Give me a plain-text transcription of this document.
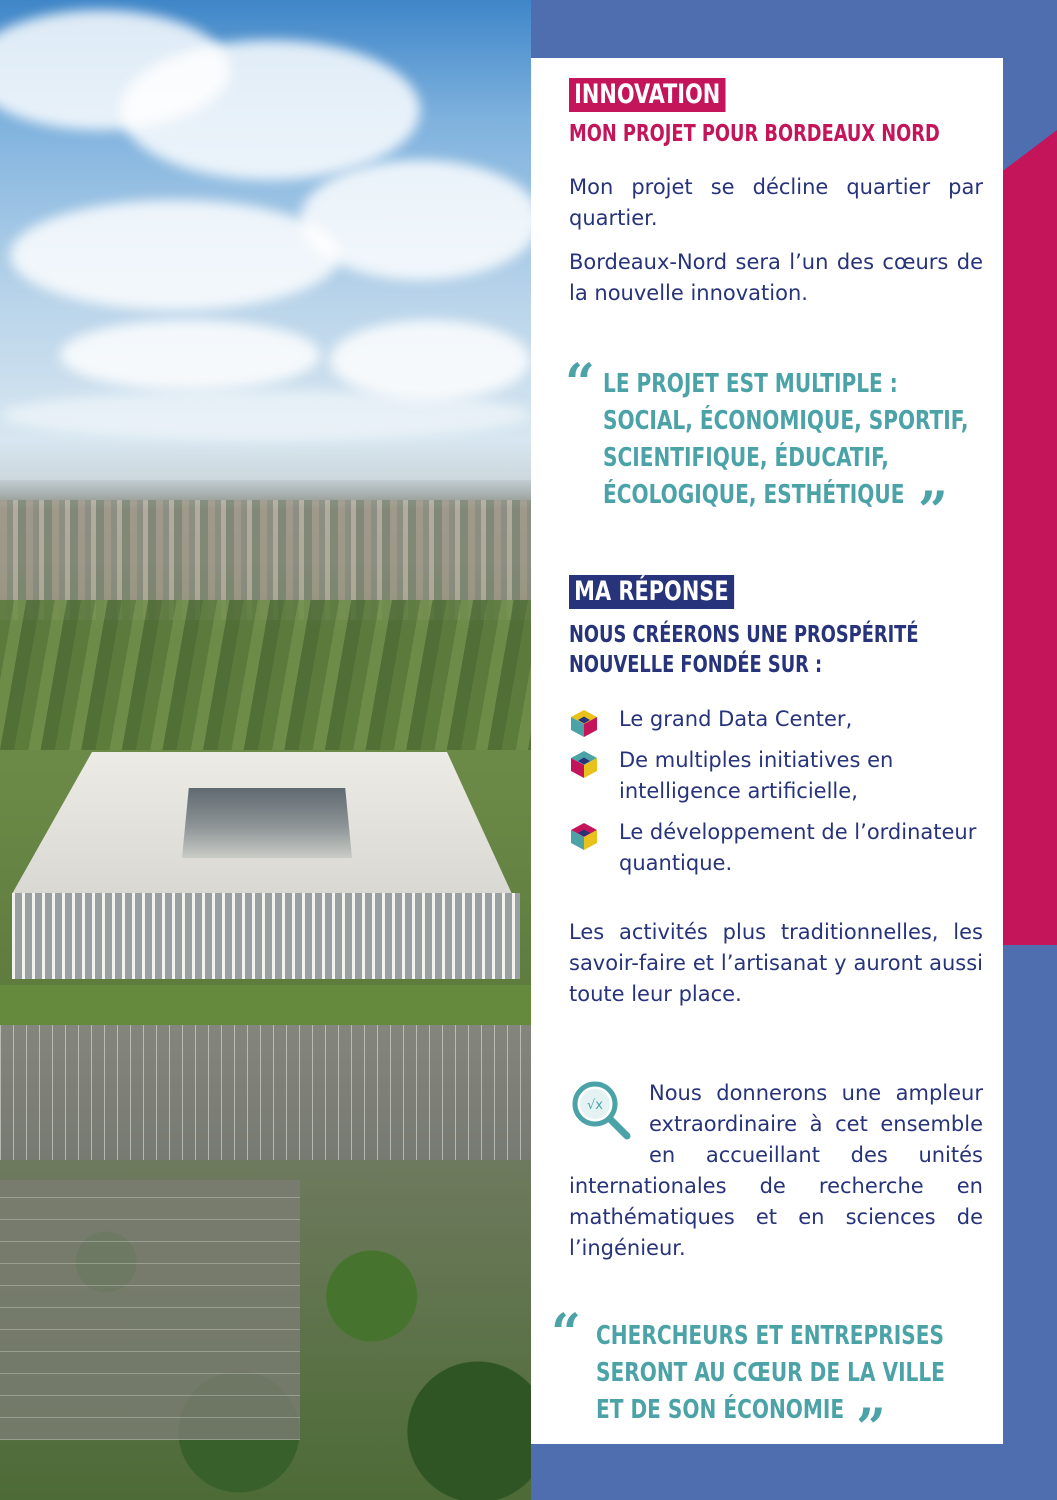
INNOVATION
MON PROJET POUR BORDEAUX NORD
Mon projet se décline quartier par quartier.
Bordeaux-Nord sera l’un des cœurs de la nouvelle innovation.
“ LE PROJET EST MULTIPLE :
SOCIAL, ÉCONOMIQUE, SPORTIF,
SCIENTIFIQUE, ÉDUCATIF,
ÉCOLOGIQUE, ESTHÉTIQUE ”
MA RÉPONSE
NOUS CRÉERONS UNE PROSPÉRITÉ
NOUVELLE FONDÉE SUR :
Le grand Data Center,
De multiples initiatives en intelligence artificielle,
Le développement de l’ordinateur quantique.
Les activités plus traditionnelles, les savoir-faire et l’artisanat y auront aussi toute leur place.
√x

Nous donnerons une ampleur extraordinaire à cet ensemble en accueillant des unités internationales de recherche en mathématiques et en sciences de l’ingénieur.

“ CHERCHEURS ET ENTREPRISES
SERONT AU CŒUR DE LA VILLE
ET DE SON ÉCONOMIE ”
